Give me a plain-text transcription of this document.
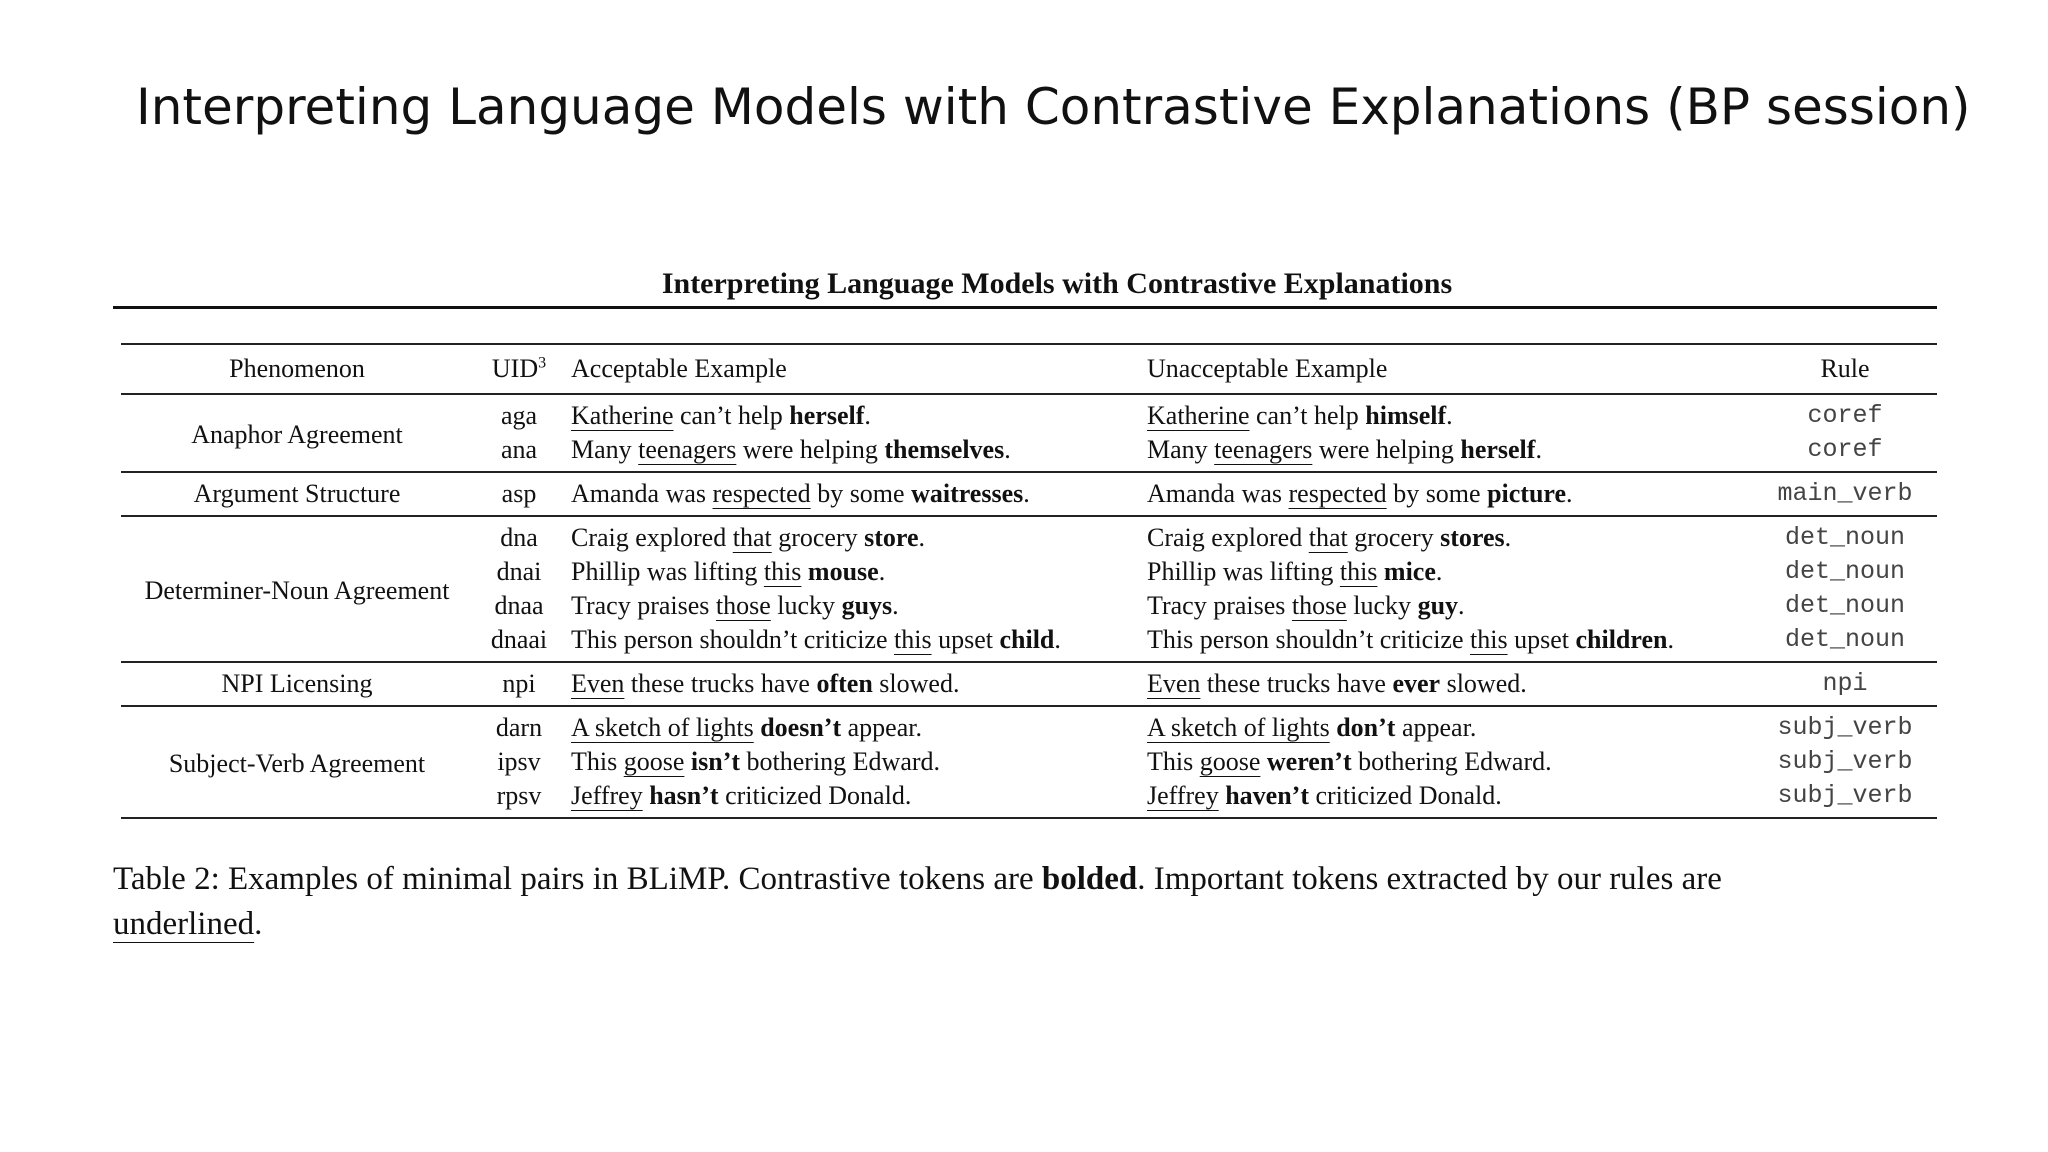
Interpreting Language Models with Contrastive Explanations (BP session)
Interpreting Language Models with Contrastive Explanations
Phenomenon	UID$^3$	Acceptable Example	Unacceptable Example	Rule
Anaphor Agreement	aga	Katherine can’t help herself.	Katherine can’t help himself.	coref
	ana	Many teenagers were helping themselves.	Many teenagers were helping herself.	coref
Argument Structure	asp	Amanda was respected by some waitresses.	Amanda was respected by some picture.	main_verb
Determiner-Noun Agreement	dna	Craig explored that grocery store.	Craig explored that grocery stores.	det_noun
	dnai	Phillip was lifting this mouse.	Phillip was lifting this mice.	det_noun
	dnaa	Tracy praises those lucky guys.	Tracy praises those lucky guy.	det_noun
	dnaai	This person shouldn’t criticize this upset child.	This person shouldn’t criticize this upset children.	det_noun
NPI Licensing	npi	Even these trucks have often slowed.	Even these trucks have ever slowed.	npi
Subject-Verb Agreement	darn	A sketch of lights doesn’t appear.	A sketch of lights don’t appear.	subj_verb
	ipsv	This goose isn’t bothering Edward.	This goose weren’t bothering Edward.	subj_verb
	rpsv	Jeffrey hasn’t criticized Donald.	Jeffrey haven’t criticized Donald.	subj_verb
Table 2: Examples of minimal pairs in BLiMP. Contrastive tokens are bolded. Important tokens extracted by our rules are
underlined.
